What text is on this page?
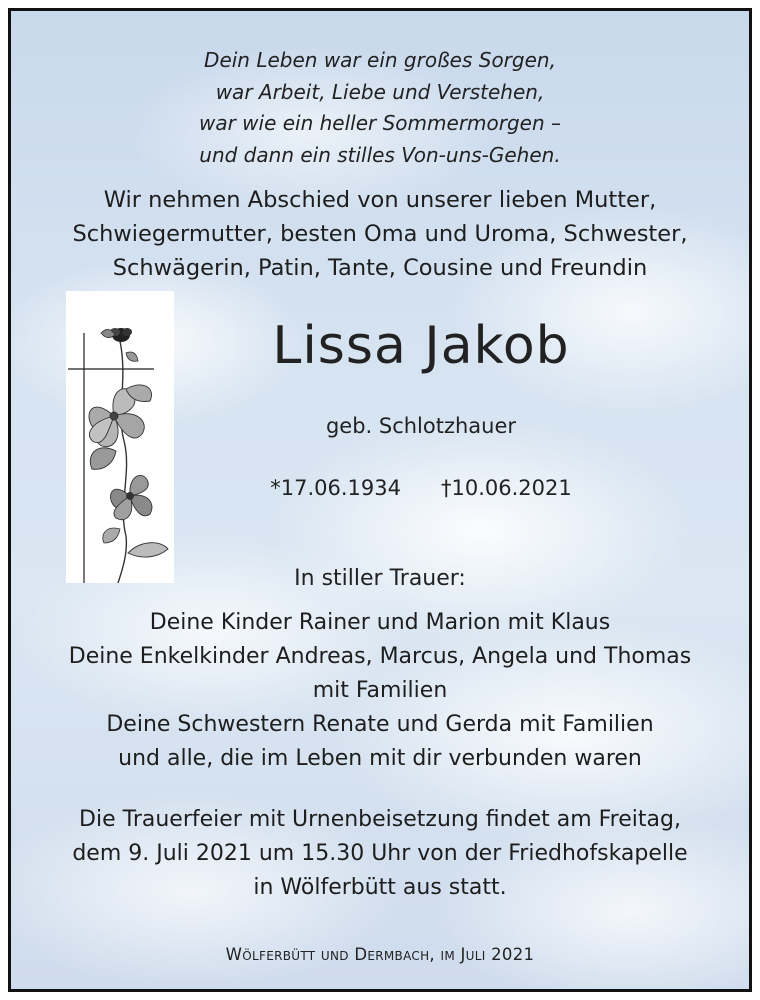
Dein Leben war ein großes Sorgen,
war Arbeit, Liebe und Verstehen,
war wie ein heller Sommermorgen –
und dann ein stilles Von-uns-Gehen.
Wir nehmen Abschied von unserer lieben Mutter,
Schwiegermutter, besten Oma und Uroma, Schwester,
Schwägerin, Patin, Tante, Cousine und Freundin
Lissa Jakob
geb. Schlotzhauer
*17.06.1934 †10.06.2021
In stiller Trauer:
Deine Kinder Rainer und Marion mit Klaus
Deine Enkelkinder Andreas, Marcus, Angela und Thomas
mit Familien
Deine Schwestern Renate und Gerda mit Familien
und alle, die im Leben mit dir verbunden waren
Die Trauerfeier mit Urnenbeisetzung findet am Freitag,
dem 9. Juli 2021 um 15.30 Uhr von der Friedhofskapelle
in Wölferbütt aus statt.
Wölferbütt und Dermbach, im Juli 2021
